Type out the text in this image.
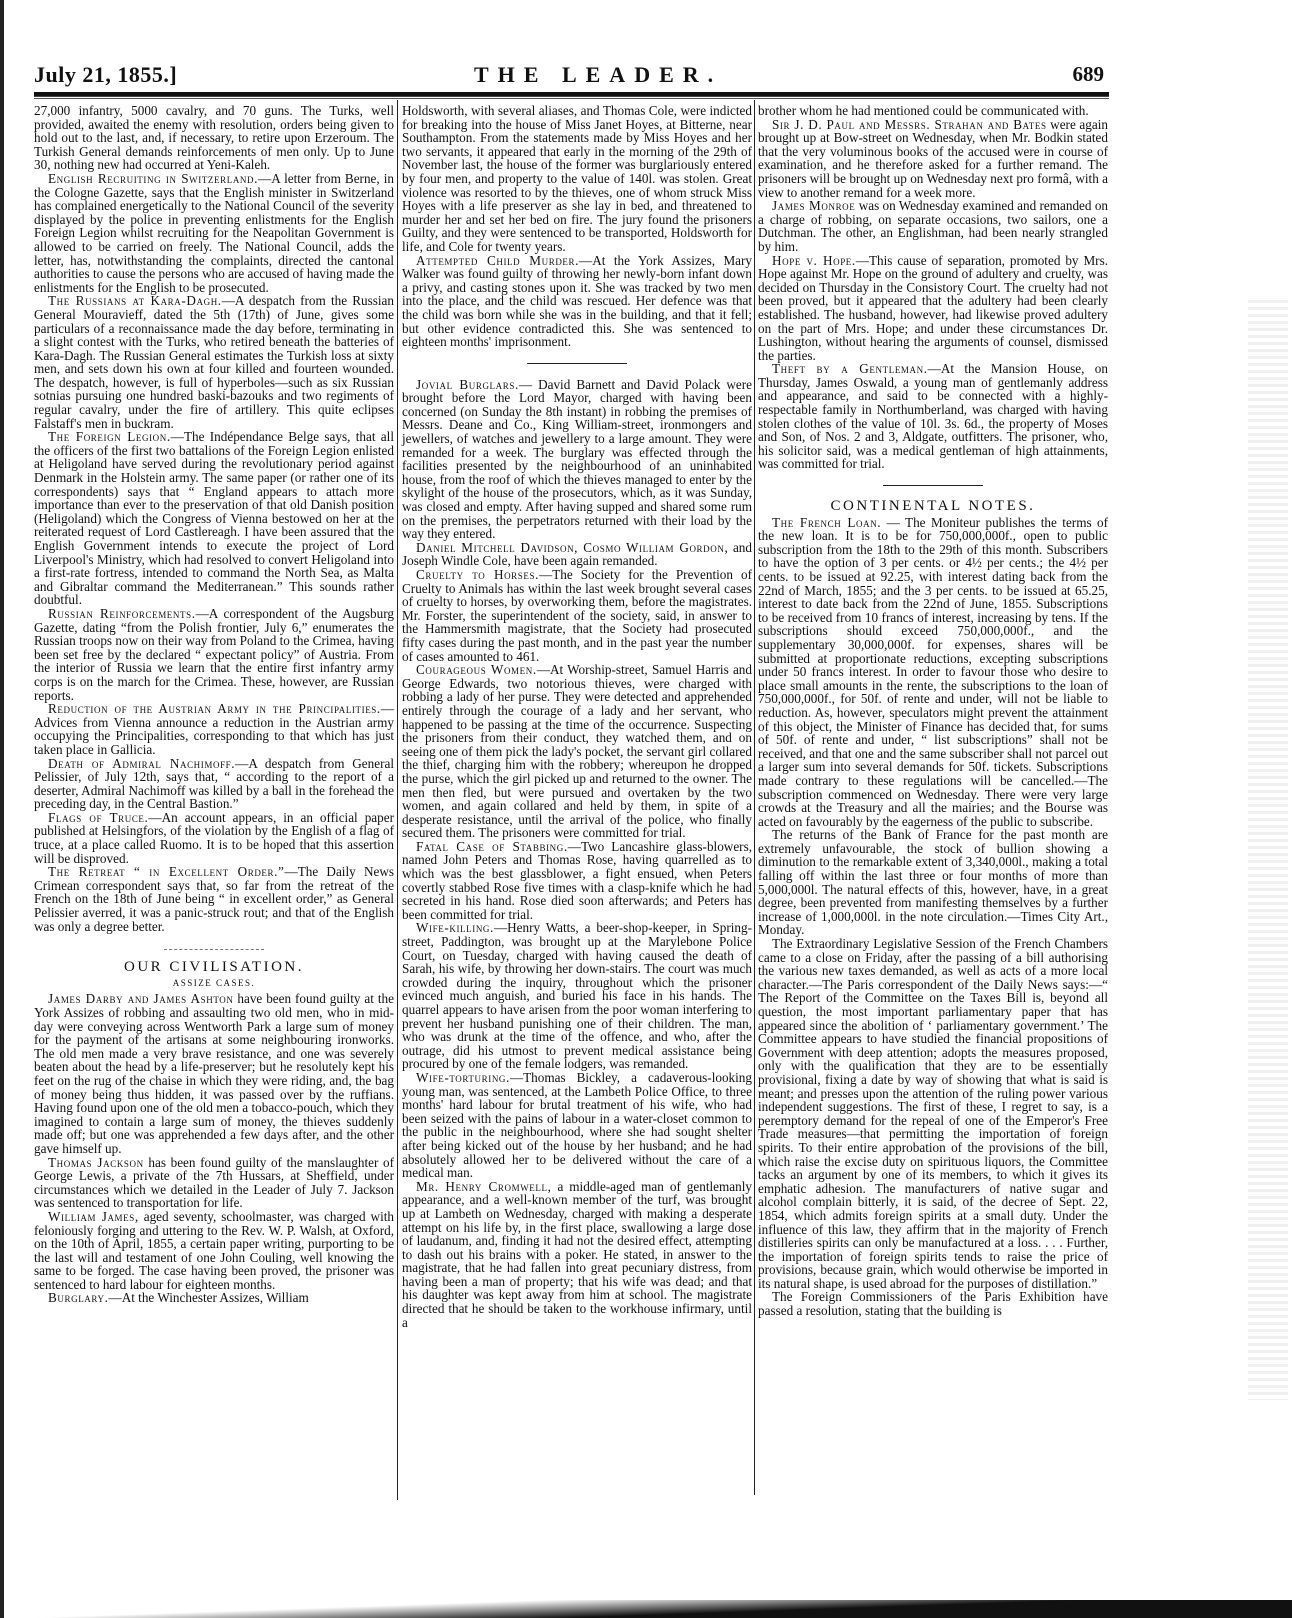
July 21, 1855.]	THE LEADER.	689

27,000 infantry, 5000 cavalry, and 70 guns. The Turks, well provided, awaited the enemy with resolution, orders being given to hold out to the last, and, if necessary, to retire upon Erzeroum. The Turkish General demands reinforcements of men only. Up to June 30, nothing new had occurred at Yeni-Kaleh.

English Recruiting in Switzerland.—A letter from Berne, in the Cologne Gazette, says that the English minister in Switzerland has complained energetically to the National Council of the severity displayed by the police in preventing enlistments for the English Foreign Legion whilst recruiting for the Neapolitan Government is allowed to be carried on freely. The National Council, adds the letter, has, notwithstanding the complaints, directed the cantonal authorities to cause the persons who are accused of having made the enlistments for the English to be prosecuted.

The Russians at Kara-Dagh.—A despatch from the Russian General Mouravieff, dated the 5th (17th) of June, gives some particulars of a reconnaissance made the day before, terminating in a slight contest with the Turks, who retired beneath the batteries of Kara-Dagh. The Russian General estimates the Turkish loss at sixty men, and sets down his own at four killed and fourteen wounded. The despatch, however, is full of hyperboles—such as six Russian sotnias pursuing one hundred baski-bazouks and two regiments of regular cavalry, under the fire of artillery. This quite eclipses Falstaff's men in buckram.

The Foreign Legion.—The Indépendance Belge says, that all the officers of the first two battalions of the Foreign Legion enlisted at Heligoland have served during the revolutionary period against Denmark in the Holstein army. The same paper (or rather one of its correspondents) says that “ England appears to attach more importance than ever to the preservation of that old Danish position (Heligoland) which the Congress of Vienna bestowed on her at the reiterated request of Lord Castlereagh. I have been assured that the English Government intends to execute the project of Lord Liverpool's Ministry, which had resolved to convert Heligoland into a first-rate fortress, intended to command the North Sea, as Malta and Gibraltar command the Mediterranean.” This sounds rather doubtful.

Russian Reinforcements.—A correspondent of the Augsburg Gazette, dating “from the Polish frontier, July 6,” enumerates the Russian troops now on their way from Poland to the Crimea, having been set free by the declared “ expectant policy” of Austria. From the interior of Russia we learn that the entire first infantry army corps is on the march for the Crimea. These, however, are Russian reports.

Reduction of the Austrian Army in the Principalities.—Advices from Vienna announce a reduction in the Austrian army occupying the Principalities, corresponding to that which has just taken place in Gallicia.

Death of Admiral Nachimoff.—A despatch from General Pelissier, of July 12th, says that, “ according to the report of a deserter, Admiral Nachimoff was killed by a ball in the forehead the preceding day, in the Central Bastion.”

Flags of Truce.—An account appears, in an official paper published at Helsingfors, of the violation by the English of a flag of truce, at a place called Ruomo. It is to be hoped that this assertion will be disproved.

The Retreat “ in Excellent Order.”—The Daily News Crimean correspondent says that, so far from the retreat of the French on the 18th of June being “ in excellent order,” as General Pelissier averred, it was a panic-struck rout; and that of the English was only a degree better.

OUR CIVILISATION.
ASSIZE CASES.

James Darby and James Ashton have been found guilty at the York Assizes of robbing and assaulting two old men, who in mid-day were conveying across Wentworth Park a large sum of money for the payment of the artisans at some neighbouring ironworks. The old men made a very brave resistance, and one was severely beaten about the head by a life-preserver; but he resolutely kept his feet on the rug of the chaise in which they were riding, and, the bag of money being thus hidden, it was passed over by the ruffians. Having found upon one of the old men a tobacco-pouch, which they imagined to contain a large sum of money, the thieves suddenly made off; but one was apprehended a few days after, and the other gave himself up.

Thomas Jackson has been found guilty of the manslaughter of George Lewis, a private of the 7th Hussars, at Sheffield, under circumstances which we detailed in the Leader of July 7. Jackson was sentenced to transportation for life.

William James, aged seventy, schoolmaster, was charged with feloniously forging and uttering to the Rev. W. P. Walsh, at Oxford, on the 10th of April, 1855, a certain paper writing, purporting to be the last will and testament of one John Couling, well knowing the same to be forged. The case having been proved, the prisoner was sentenced to hard labour for eighteen months.

Burglary.—At the Winchester Assizes, William

Holdsworth, with several aliases, and Thomas Cole, were indicted for breaking into the house of Miss Janet Hoyes, at Bitterne, near Southampton. From the statements made by Miss Hoyes and her two servants, it appeared that early in the morning of the 29th of November last, the house of the former was burglariously entered by four men, and property to the value of 140l. was stolen. Great violence was resorted to by the thieves, one of whom struck Miss Hoyes with a life preserver as she lay in bed, and threatened to murder her and set her bed on fire. The jury found the prisoners Guilty, and they were sentenced to be transported, Holdsworth for life, and Cole for twenty years.

Attempted Child Murder.—At the York Assizes, Mary Walker was found guilty of throwing her newly-born infant down a privy, and casting stones upon it. She was tracked by two men into the place, and the child was rescued. Her defence was that the child was born while she was in the building, and that it fell; but other evidence contradicted this. She was sentenced to eighteen months' imprisonment.

Jovial Burglars.— David Barnett and David Polack were brought before the Lord Mayor, charged with having been concerned (on Sunday the 8th instant) in robbing the premises of Messrs. Deane and Co., King William-street, ironmongers and jewellers, of watches and jewellery to a large amount. They were remanded for a week. The burglary was effected through the facilities presented by the neighbourhood of an uninhabited house, from the roof of which the thieves managed to enter by the skylight of the house of the prosecutors, which, as it was Sunday, was closed and empty. After having supped and shared some rum on the premises, the perpetrators returned with their load by the way they entered.

Daniel Mitchell Davidson, Cosmo William Gordon, and Joseph Windle Cole, have been again remanded.

Cruelty to Horses.—The Society for the Prevention of Cruelty to Animals has within the last week brought several cases of cruelty to horses, by overworking them, before the magistrates. Mr. Forster, the superintendent of the society, said, in answer to the Hammersmith magistrate, that the Society had prosecuted fifty cases during the past month, and in the past year the number of cases amounted to 461.

Courageous Women.—At Worship-street, Samuel Harris and George Edwards, two notorious thieves, were charged with robbing a lady of her purse. They were detected and apprehended entirely through the courage of a lady and her servant, who happened to be passing at the time of the occurrence. Suspecting the prisoners from their conduct, they watched them, and on seeing one of them pick the lady's pocket, the servant girl collared the thief, charging him with the robbery; whereupon he dropped the purse, which the girl picked up and returned to the owner. The men then fled, but were pursued and overtaken by the two women, and again collared and held by them, in spite of a desperate resistance, until the arrival of the police, who finally secured them. The prisoners were committed for trial.

Fatal Case of Stabbing.—Two Lancashire glass-blowers, named John Peters and Thomas Rose, having quarrelled as to which was the best glassblower, a fight ensued, when Peters covertly stabbed Rose five times with a clasp-knife which he had secreted in his hand. Rose died soon afterwards; and Peters has been committed for trial.

Wife-killing.—Henry Watts, a beer-shop-keeper, in Spring-street, Paddington, was brought up at the Marylebone Police Court, on Tuesday, charged with having caused the death of Sarah, his wife, by throwing her down-stairs. The court was much crowded during the inquiry, throughout which the prisoner evinced much anguish, and buried his face in his hands. The quarrel appears to have arisen from the poor woman interfering to prevent her husband punishing one of their children. The man, who was drunk at the time of the offence, and who, after the outrage, did his utmost to prevent medical assistance being procured by one of the female lodgers, was remanded.

Wife-torturing.—Thomas Bickley, a cadaverous-looking young man, was sentenced, at the Lambeth Police Office, to three months' hard labour for brutal treatment of his wife, who had been seized with the pains of labour in a water-closet common to the public in the neighbourhood, where she had sought shelter after being kicked out of the house by her husband; and he had absolutely allowed her to be delivered without the care of a medical man.

Mr. Henry Cromwell, a middle-aged man of gentlemanly appearance, and a well-known member of the turf, was brought up at Lambeth on Wednesday, charged with making a desperate attempt on his life by, in the first place, swallowing a large dose of laudanum, and, finding it had not the desired effect, attempting to dash out his brains with a poker. He stated, in answer to the magistrate, that he had fallen into great pecuniary distress, from having been a man of property; that his wife was dead; and that his daughter was kept away from him at school. The magistrate directed that he should be taken to the workhouse infirmary, until a

brother whom he had mentioned could be communicated with.

Sir J. D. Paul and Messrs. Strahan and Bates were again brought up at Bow-street on Wednesday, when Mr. Bodkin stated that the very voluminous books of the accused were in course of examination, and he therefore asked for a further remand. The prisoners will be brought up on Wednesday next pro formâ, with a view to another remand for a week more.

James Monroe was on Wednesday examined and remanded on a charge of robbing, on separate occasions, two sailors, one a Dutchman. The other, an Englishman, had been nearly strangled by him.

Hope v. Hope.—This cause of separation, promoted by Mrs. Hope against Mr. Hope on the ground of adultery and cruelty, was decided on Thursday in the Consistory Court. The cruelty had not been proved, but it appeared that the adultery had been clearly established. The husband, however, had likewise proved adultery on the part of Mrs. Hope; and under these circumstances Dr. Lushington, without hearing the arguments of counsel, dismissed the parties.

Theft by a Gentleman.—At the Mansion House, on Thursday, James Oswald, a young man of gentlemanly address and appearance, and said to be connected with a highly-respectable family in Northumberland, was charged with having stolen clothes of the value of 10l. 3s. 6d., the property of Moses and Son, of Nos. 2 and 3, Aldgate, outfitters. The prisoner, who, his solicitor said, was a medical gentleman of high attainments, was committed for trial.

CONTINENTAL NOTES.

The French Loan. — The Moniteur publishes the terms of the new loan. It is to be for 750,000,000f., open to public subscription from the 18th to the 29th of this month. Subscribers to have the option of 3 per cents. or 4½ per cents.; the 4½ per cents. to be issued at 92.25, with interest dating back from the 22nd of March, 1855; and the 3 per cents. to be issued at 65.25, interest to date back from the 22nd of June, 1855. Subscriptions to be received from 10 francs of interest, increasing by tens. If the subscriptions should exceed 750,000,000f., and the supplementary 30,000,000f. for expenses, shares will be submitted at proportionate reductions, excepting subscriptions under 50 francs interest. In order to favour those who desire to place small amounts in the rente, the subscriptions to the loan of 750,000,000f., for 50f. of rente and under, will not be liable to reduction. As, however, speculators might prevent the attainment of this object, the Minister of Finance has decided that, for sums of 50f. of rente and under, “ list subscriptions” shall not be received, and that one and the same subscriber shall not parcel out a larger sum into several demands for 50f. tickets. Subscriptions made contrary to these regulations will be cancelled.—The subscription commenced on Wednesday. There were very large crowds at the Treasury and all the mairies; and the Bourse was acted on favourably by the eagerness of the public to subscribe.

The returns of the Bank of France for the past month are extremely unfavourable, the stock of bullion showing a diminution to the remarkable extent of 3,340,000l., making a total falling off within the last three or four months of more than 5,000,000l. The natural effects of this, however, have, in a great degree, been prevented from manifesting themselves by a further increase of 1,000,000l. in the note circulation.—Times City Art., Monday.

The Extraordinary Legislative Session of the French Chambers came to a close on Friday, after the passing of a bill authorising the various new taxes demanded, as well as acts of a more local character.—The Paris correspondent of the Daily News says:—“ The Report of the Committee on the Taxes Bill is, beyond all question, the most important parliamentary paper that has appeared since the abolition of ‘ parliamentary government.’ The Committee appears to have studied the financial propositions of Government with deep attention; adopts the measures proposed, only with the qualification that they are to be essentially provisional, fixing a date by way of showing that what is said is meant; and presses upon the attention of the ruling power various independent suggestions. The first of these, I regret to say, is a peremptory demand for the repeal of one of the Emperor's Free Trade measures—that permitting the importation of foreign spirits. To their entire approbation of the provisions of the bill, which raise the excise duty on spirituous liquors, the Committee tacks an argument by one of its members, to which it gives its emphatic adhesion. The manufacturers of native sugar and alcohol complain bitterly, it is said, of the decree of Sept. 22, 1854, which admits foreign spirits at a small duty. Under the influence of this law, they affirm that in the majority of French distilleries spirits can only be manufactured at a loss. . . . Further, the importation of foreign spirits tends to raise the price of provisions, because grain, which would otherwise be imported in its natural shape, is used abroad for the purposes of distillation.”

The Foreign Commissioners of the Paris Exhibition have passed a resolution, stating that the building is
